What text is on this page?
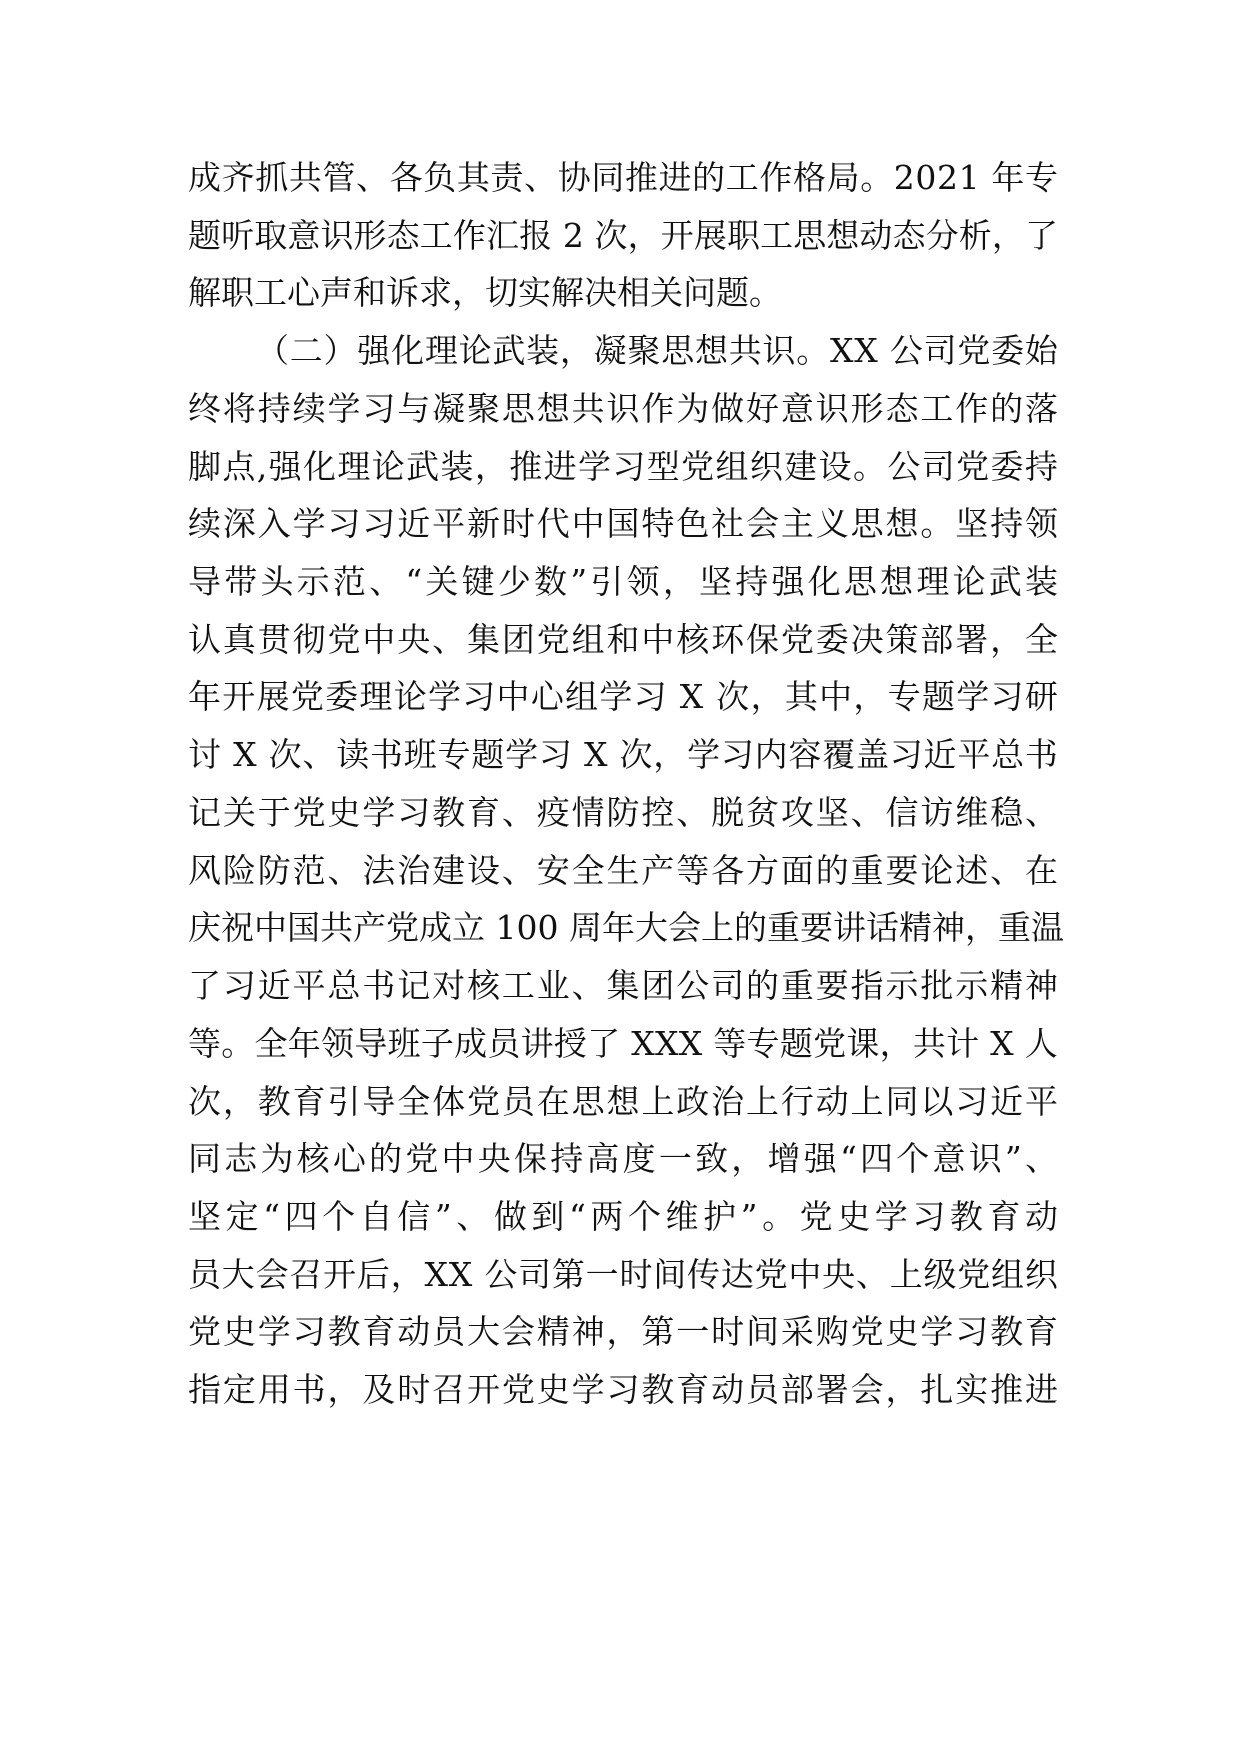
成 齐 抓 共 管 、 各 负 其 责 、 协 同 推 进 的 工 作 格 局 。 2 0 2 1
年 专
题 听 取 意 识 形 态 工 作 汇 报
2
次 ， 开 展 职 工 思 想 动 态 分 析 ， 了
解职工心声和诉求，切实解决相关问题。
（ 二 ） 强 化 理 论 武 装 ， 凝 聚 思 想 共 识 。 X X
公 司 党 委 始
终 将 持 续 学 习 与 凝 聚 思 想 共 识 作 为 做 好 意 识 形 态 工 作 的 落
脚 点 , 强 化 理 论 武 装 ， 推 进 学 习 型 党 组 织 建 设 。 公 司 党 委 持
续 深 入 学 习 习 近 平 新 时 代 中 国 特 色 社 会 主 义 思 想 。 坚 持 领
导 带 头 示 范 、 “ 关 键 少 数 ” 引 领 ， 坚 持 强 化 思 想 理 论 武 装
认 真 贯 彻 党 中 央 、 集 团 党 组 和 中 核 环 保 党 委 决 策 部 署 ， 全
年 开 展 党 委 理 论 学 习 中 心 组 学 习
X
次 ， 其 中 ， 专 题 学 习 研
讨
X
次 、 读 书 班 专 题 学 习
X
次 ， 学 习 内 容 覆 盖 习 近 平 总 书
记 关 于 党 史 学 习 教 育 、 疫 情 防 控 、 脱 贫 攻 坚 、 信 访 维 稳 、
风 险 防 范 、 法 治 建 设 、 安 全 生 产 等 各 方 面 的 重 要 论 述 、 在
庆 祝 中 国 共 产 党 成 立
1 0 0
周 年 大 会 上 的 重 要 讲 话 精 神 ， 重 温
了 习 近 平 总 书 记 对 核 工 业 、 集 团 公 司 的 重 要 指 示 批 示 精 神
等 。 全 年 领 导 班 子 成 员 讲 授 了
X X X
等 专 题 党 课 ， 共 计
X
人
次 ， 教 育 引 导 全 体 党 员 在 思 想 上 政 治 上 行 动 上 同 以 习 近 平
同 志 为 核 心 的 党 中 央 保 持 高 度 一 致 ， 增 强 “ 四 个 意 识 ” 、
坚 定 “ 四 个 自 信 ” 、 做 到 “ 两 个 维 护 ” 。 党 史 学 习 教 育 动
员 大 会 召 开 后 ， X X
公 司 第 一 时 间 传 达 党 中 央 、 上 级 党 组 织
党 史 学 习 教 育 动 员 大 会 精 神 ， 第 一 时 间 采 购 党 史 学 习 教 育
指 定 用 书 ， 及 时 召 开 党 史 学 习 教 育 动 员 部 署 会 ， 扎 实 推 进
